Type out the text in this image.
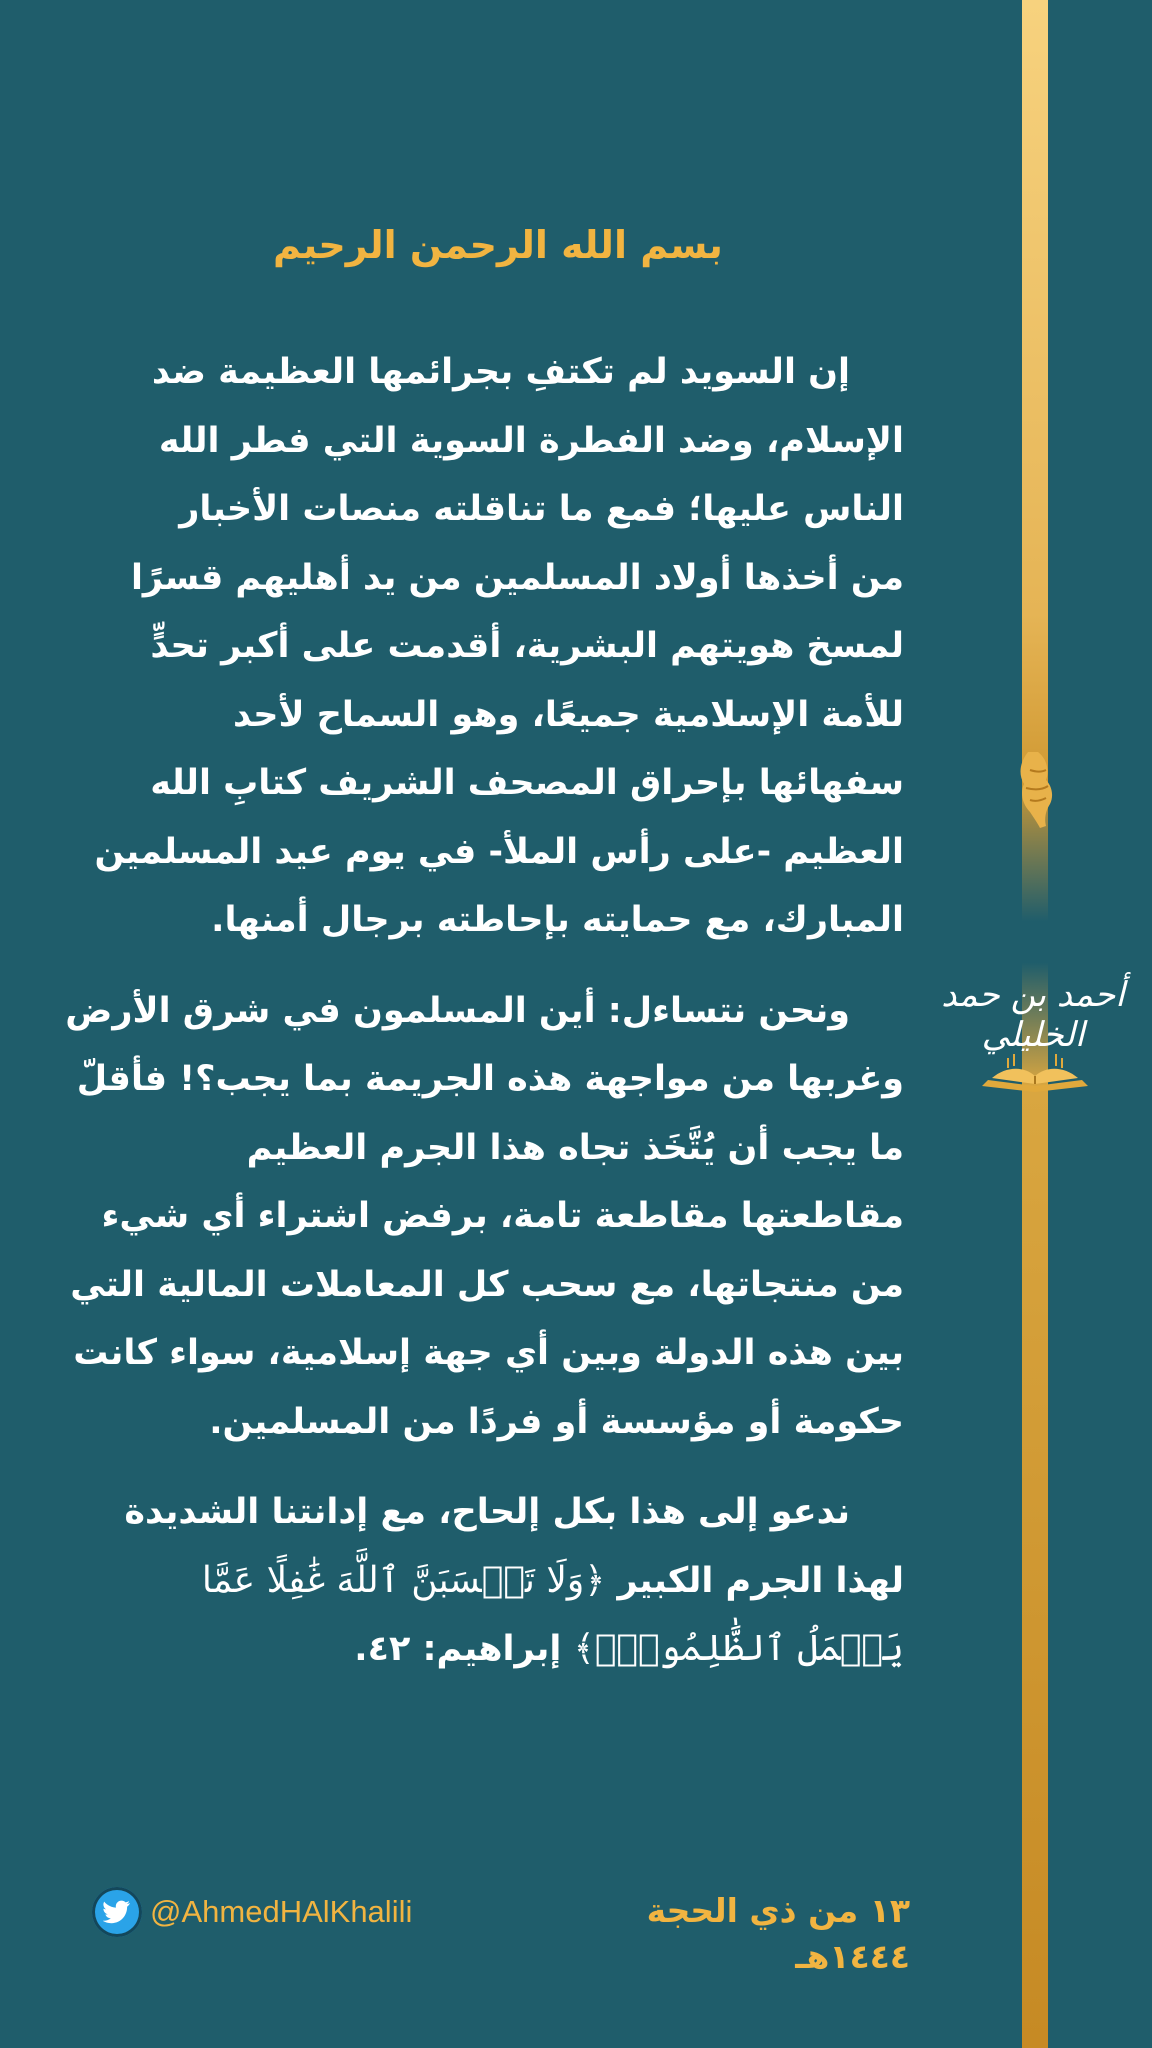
أحمد بن حمد الخليلي
بسم الله الرحمن الرحيم
إن السويد لم تكتفِ بجرائمها العظيمة ضد
الإسلام، وضد الفطرة السوية التي فطر الله
الناس عليها؛ فمع ما تناقلته منصات الأخبار
من أخذها أولاد المسلمين من يد أهليهم قسرًا
لمسخ هويتهم البشرية، أقدمت على أكبر تحدٍّ
للأمة الإسلامية جميعًا، وهو السماح لأحد
سفهائها بإحراق المصحف الشريف كتابِ الله
العظيم -على رأس الملأ- في يوم عيد المسلمين
المبارك، مع حمايته بإحاطته برجال أمنها.
ونحن نتساءل: أين المسلمون في شرق الأرض
وغربها من مواجهة هذه الجريمة بما يجب؟! فأقلّ
ما يجب أن يُتَّخَذ تجاه هذا الجرم العظيم
مقاطعتها مقاطعة تامة، برفض اشتراء أي شيء
من منتجاتها، مع سحب كل المعاملات المالية التي
بين هذه الدولة وبين أي جهة إسلامية، سواء كانت
حكومة أو مؤسسة أو فردًا من المسلمين.
ندعو إلى هذا بكل إلحاح، مع إدانتنا الشديدة
لهذا الجرم الكبير ﴿وَلَا تَحۡسَبَنَّ ٱللَّهَ غَٰفِلًا عَمَّا
يَعۡمَلُ ٱلظَّٰلِمُونَۚ﴾ إبراهيم: ٤٢.
١٣ من ذي الحجة ١٤٤٤هـ
@AhmedHAlKhalili
